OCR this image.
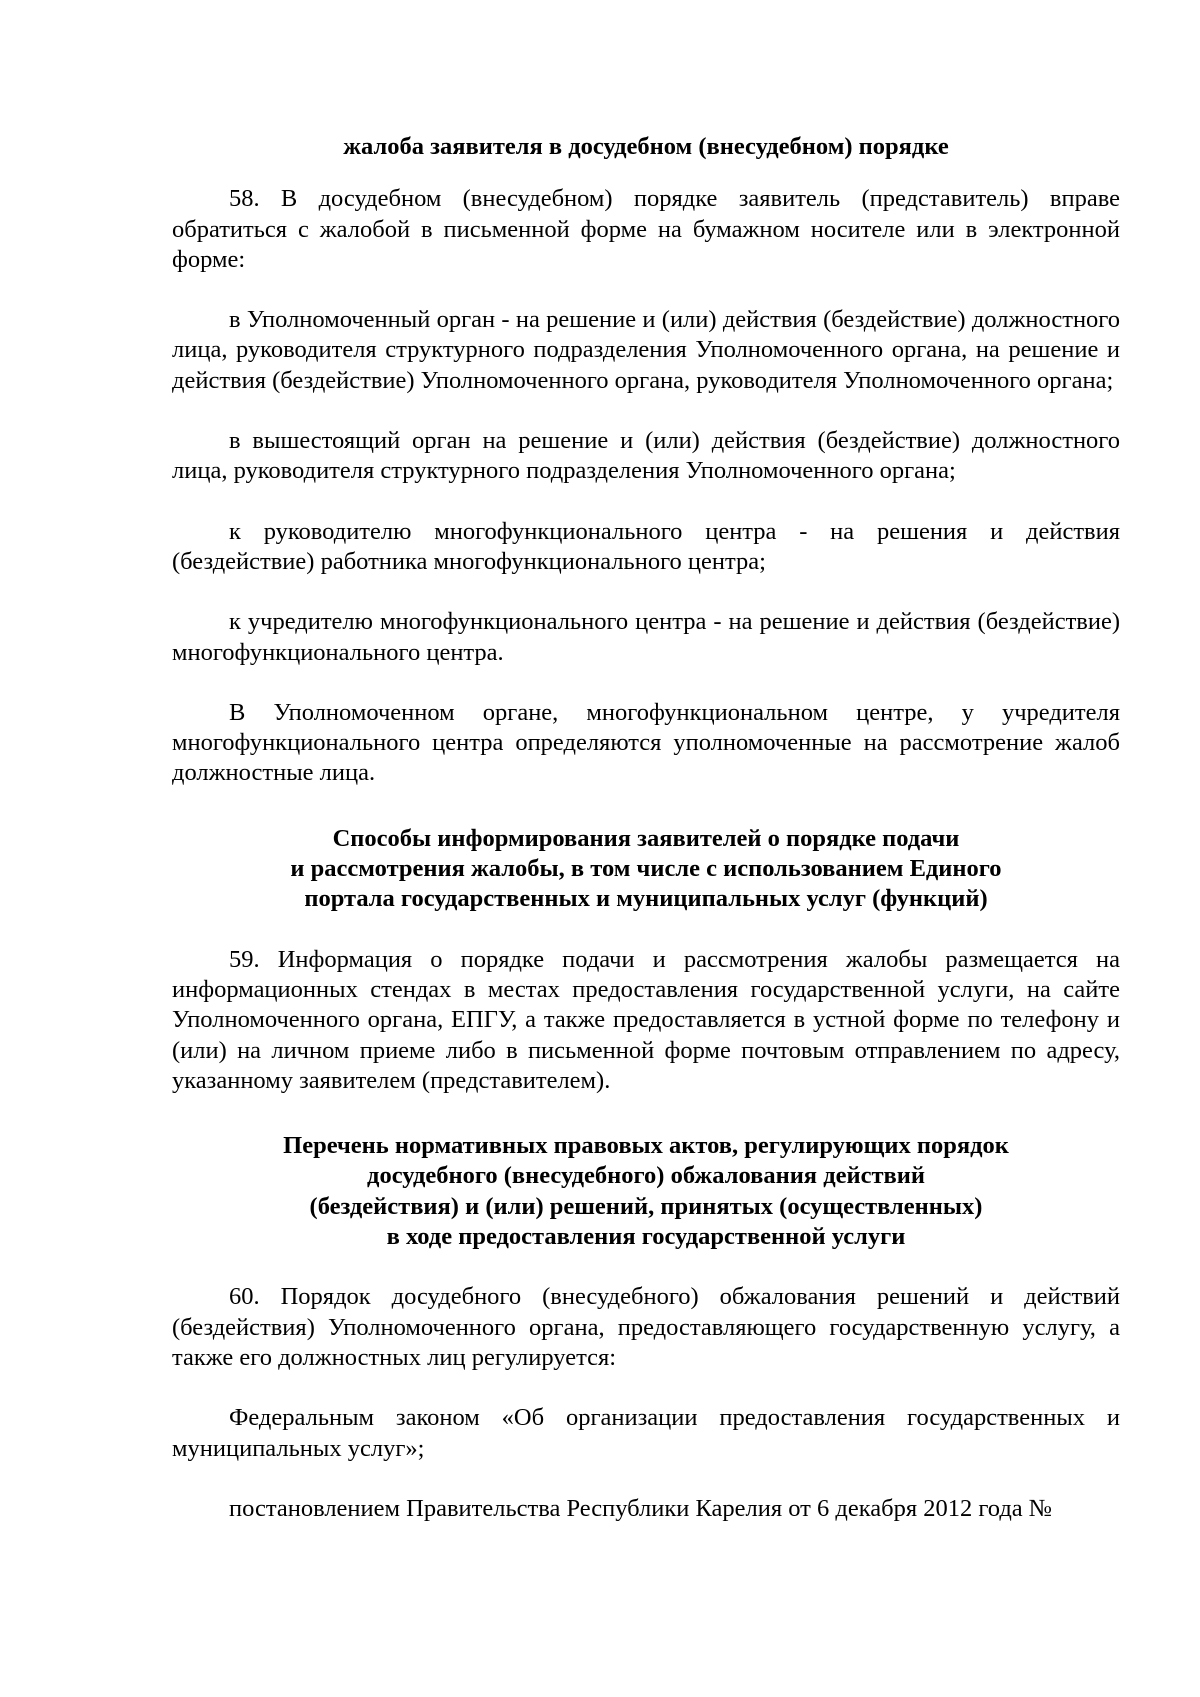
жалоба заявителя в досудебном (внесудебном) порядке

58. В досудебном (внесудебном) порядке заявитель (представитель) вправе обратиться с жалобой в письменной форме на бумажном носителе или в электронной форме:

в Уполномоченный орган - на решение и (или) действия (бездействие) должностного лица, руководителя структурного подразделения Уполномоченного органа, на решение и действия (бездействие) Уполномоченного органа, руководителя Уполномоченного органа;

в вышестоящий орган на решение и (или) действия (бездействие) должностного лица, руководителя структурного подразделения Уполномоченного органа;

к руководителю многофункционального центра - на решения и действия (бездействие) работника многофункционального центра;

к учредителю многофункционального центра - на решение и действия (бездействие) многофункционального центра.

В Уполномоченном органе, многофункциональном центре, у учредителя многофункционального центра определяются уполномоченные на рассмотрение жалоб должностные лица.

Способы информирования заявителей о порядке подачи
и рассмотрения жалобы, в том числе с использованием Единого
портала государственных и муниципальных услуг (функций)

59. Информация о порядке подачи и рассмотрения жалобы размещается на информационных стендах в местах предоставления государственной услуги, на сайте Уполномоченного органа, ЕПГУ, а также предоставляется в устной форме по телефону и (или) на личном приеме либо в письменной форме почтовым отправлением по адресу, указанному заявителем (представителем).

Перечень нормативных правовых актов, регулирующих порядок
досудебного (внесудебного) обжалования действий
(бездействия) и (или) решений, принятых (осуществленных)
в ходе предоставления государственной услуги

60. Порядок досудебного (внесудебного) обжалования решений и действий (бездействия) Уполномоченного органа, предоставляющего государственную услугу, а также его должностных лиц регулируется:

Федеральным законом «Об организации предоставления государственных и муниципальных услуг»;

постановлением Правительства Республики Карелия от 6 декабря 2012 года №
